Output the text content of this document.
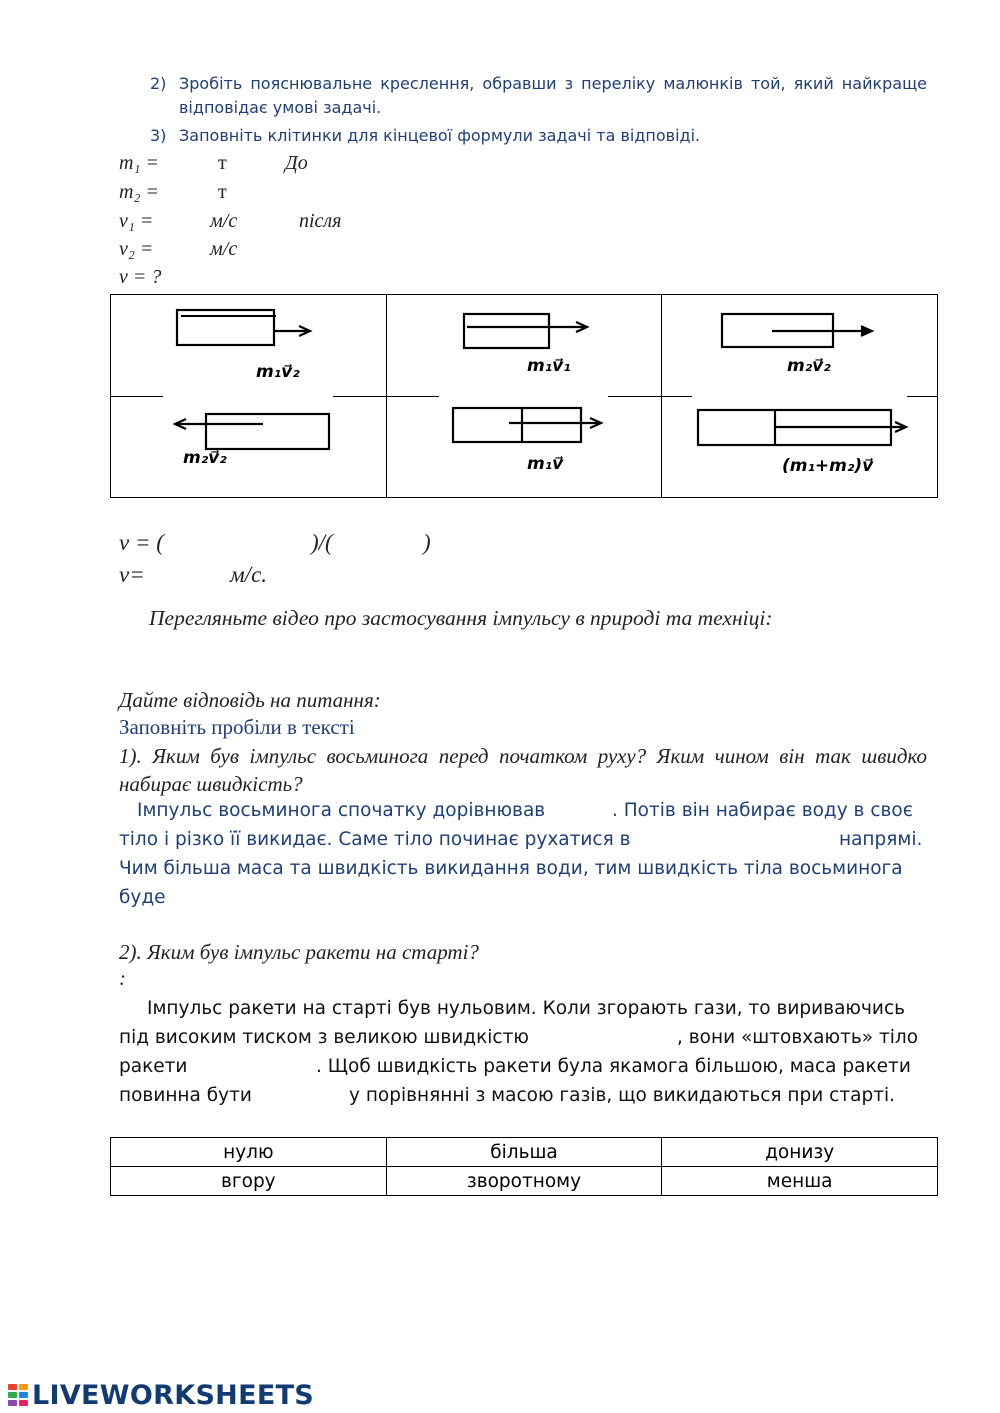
2) Зробіть пояснювальне креслення, обравши з переліку малюнків той, який найкраще відповідає умові задачі.
3) Заповніть клітинки для кінцевої формули задачі та відповіді.
m₁ =	т	До
m₂ =	т
v₁ =	м/с	після
v₂ =	м/с
v = ?
m₁v⃗₂	m₁v⃗₁	m₂v⃗₂
m₂v⃗₂	m₁v⃗	(m₁+m₂)v⃗
v = (	)/(	)
v=	м/с.
Перегляньте відео про застосування імпульсу в природі та техніці:
Дайте відповідь на питання:
Заповніть пробіли в тексті
1). Яким був імпульс восьминога перед початком руху? Яким чином він так швидко набирає швидкість?
Імпульс восьминога спочатку дорівнював	. Потів він набирає воду в своє
тіло і різко її викидає. Саме тіло починає рухатися в	напрямі.
Чим більша маса та швидкість викидання води, тим швидкість тіла восьминога
буде
2). Яким був імпульс ракети на старті?
:
Імпульс ракети на старті був нульовим. Коли згорають гази, то вириваючись
під високим тиском з великою швидкістю	, вони «штовхають» тіло
ракети	. Щоб швидкість ракети була якамога більшою, маса ракети
повинна бути	у порівнянні з масою газів, що викидаються при старті.
нулю	більша	донизу
вгору	зворотному	менша
LIVEWORKSHEETS
